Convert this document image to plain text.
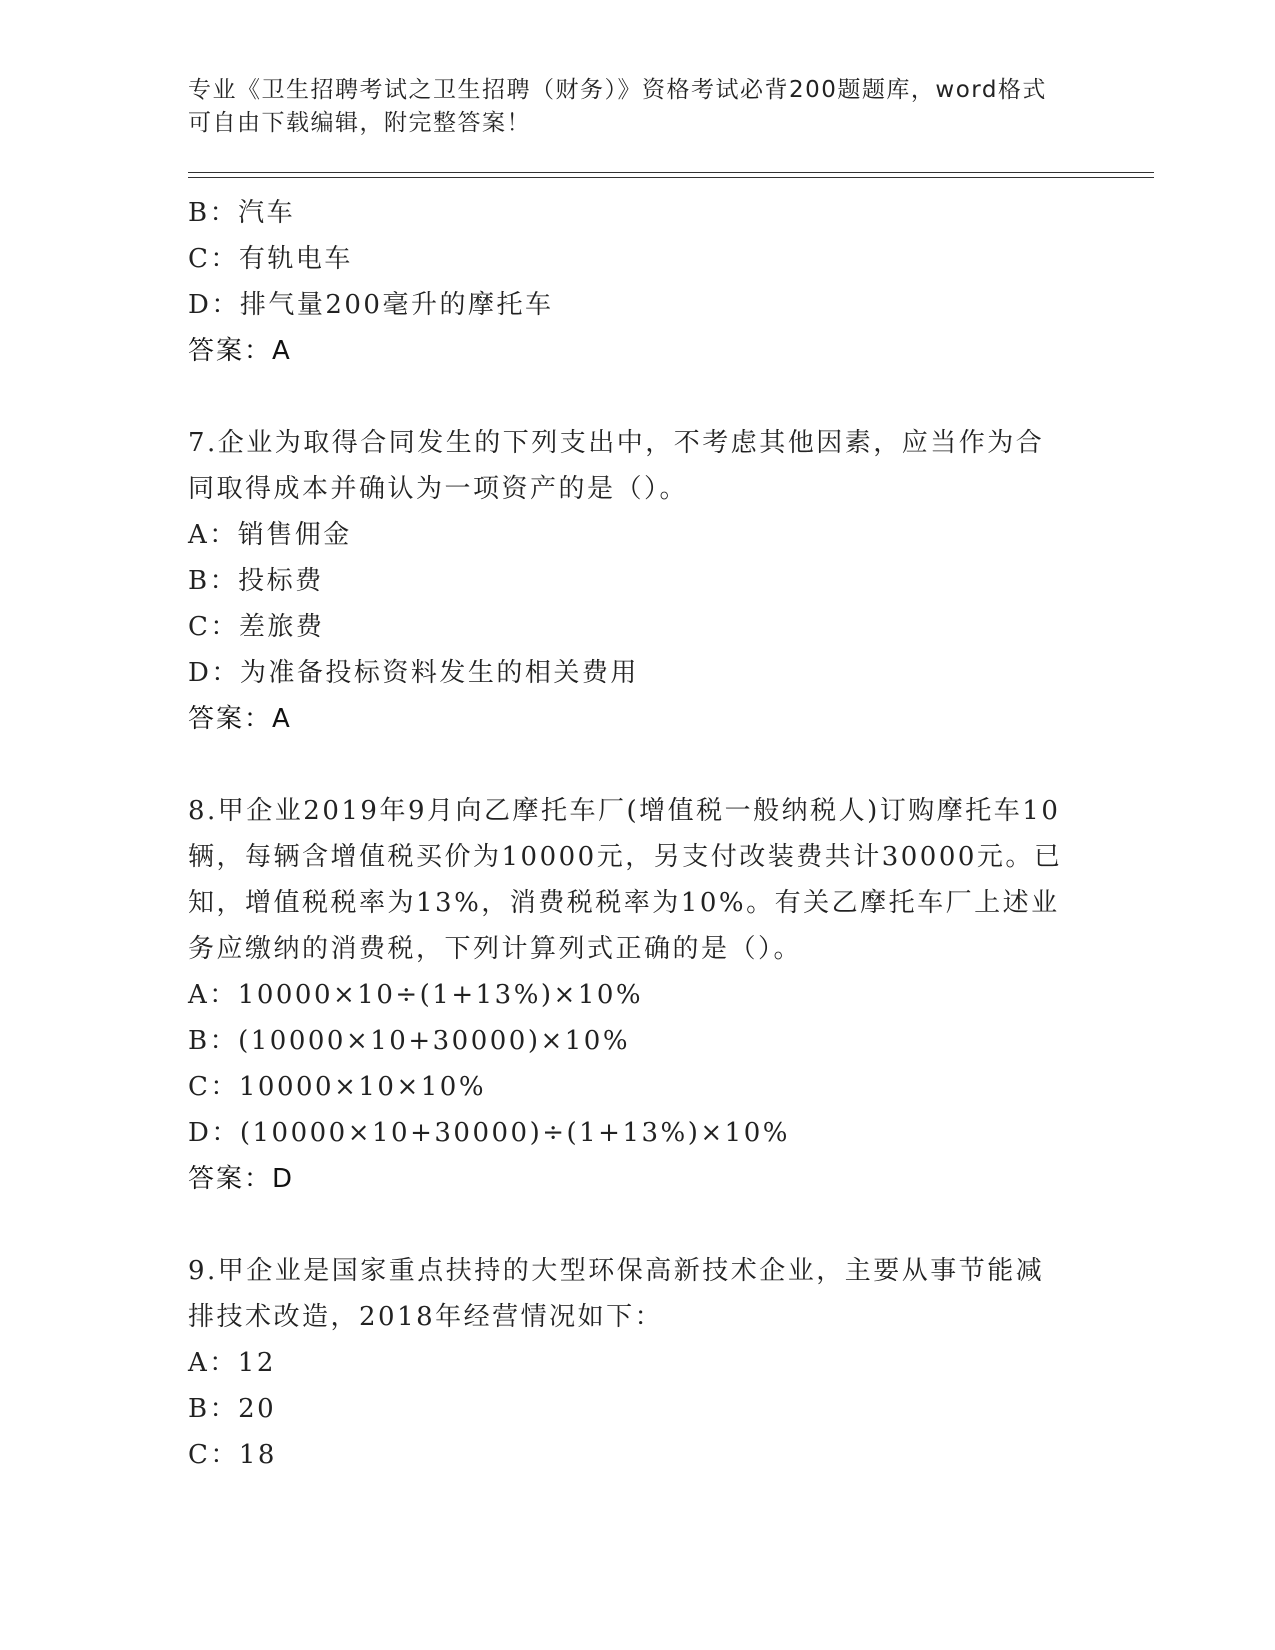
专业《卫生招聘考试之卫生招聘（财务）》资格考试必背200题题库，word格式
可自由下载编辑，附完整答案！
B：汽车
C：有轨电车
D：排气量200毫升的摩托车
答案：A
7.企业为取得合同发生的下列支出中，不考虑其他因素，应当作为合
同取得成本并确认为一项资产的是（）。
A：销售佣金
B：投标费
C：差旅费
D：为准备投标资料发生的相关费用
答案：A
8.甲企业2019年9月向乙摩托车厂(增值税一般纳税人)订购摩托车10
辆，每辆含增值税买价为10000元，另支付改装费共计30000元。已
知，增值税税率为13%，消费税税率为10%。有关乙摩托车厂上述业
务应缴纳的消费税，下列计算列式正确的是（）。
A：10000×10÷(1+13%)×10%
B：(10000×10+30000)×10%
C：10000×10×10%
D：(10000×10+30000)÷(1+13%)×10%
答案：D
9.甲企业是国家重点扶持的大型环保高新技术企业，主要从事节能减
排技术改造，2018年经营情况如下：
A：12
B：20
C：18
